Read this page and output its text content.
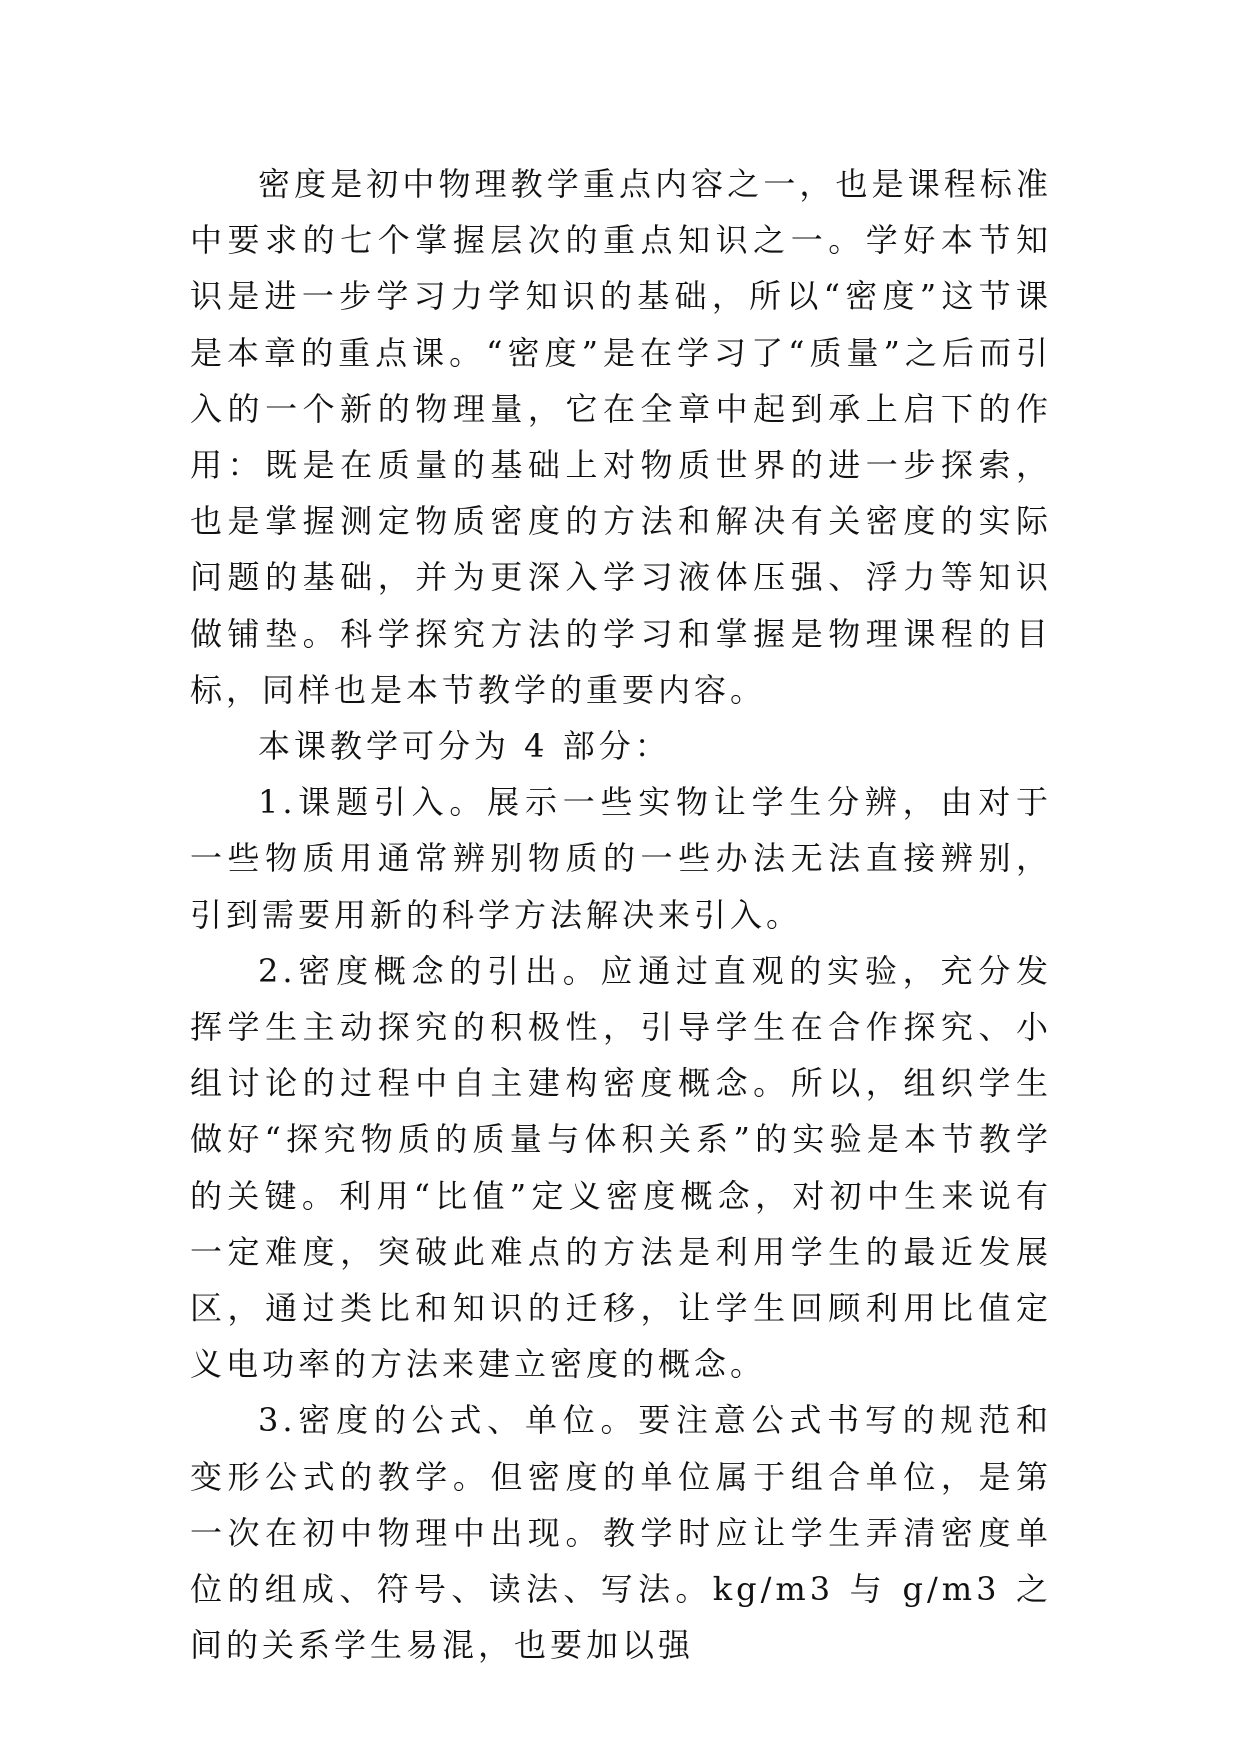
密度是初中物理教学重点内容之一，也是课程标准中要求的七个掌握层次的重点知识之一。学好本节知识是进一步学习力学知识的基础，所以“密度”这节课是本章的重点课。“密度”是在学习了“质量”之后而引入的一个新的物理量，它在全章中起到承上启下的作用：既是在质量的基础上对物质世界的进一步探索，也是掌握测定物质密度的方法和解决有关密度的实际问题的基础，并为更深入学习液体压强、浮力等知识做铺垫。科学探究方法的学习和掌握是物理课程的目标，同样也是本节教学的重要内容。

本课教学可分为 4 部分：

1.课题引入。展示一些实物让学生分辨，由对于一些物质用通常辨别物质的一些办法无法直接辨别，引到需要用新的科学方法解决来引入。

2.密度概念的引出。应通过直观的实验，充分发挥学生主动探究的积极性，引导学生在合作探究、小组讨论的过程中自主建构密度概念。所以，组织学生做好“探究物质的质量与体积关系”的实验是本节教学的关键。利用“比值”定义密度概念，对初中生来说有一定难度，突破此难点的方法是利用学生的最近发展区，通过类比和知识的迁移，让学生回顾利用比值定义电功率的方法来建立密度的概念。

3.密度的公式、单位。要注意公式书写的规范和变形公式的教学。但密度的单位属于组合单位，是第一次在初中物理中出现。教学时应让学生弄清密度单位的组成、符号、读法、写法。kg/m3 与 g/m3 之间的关系学生易混，也要加以强
